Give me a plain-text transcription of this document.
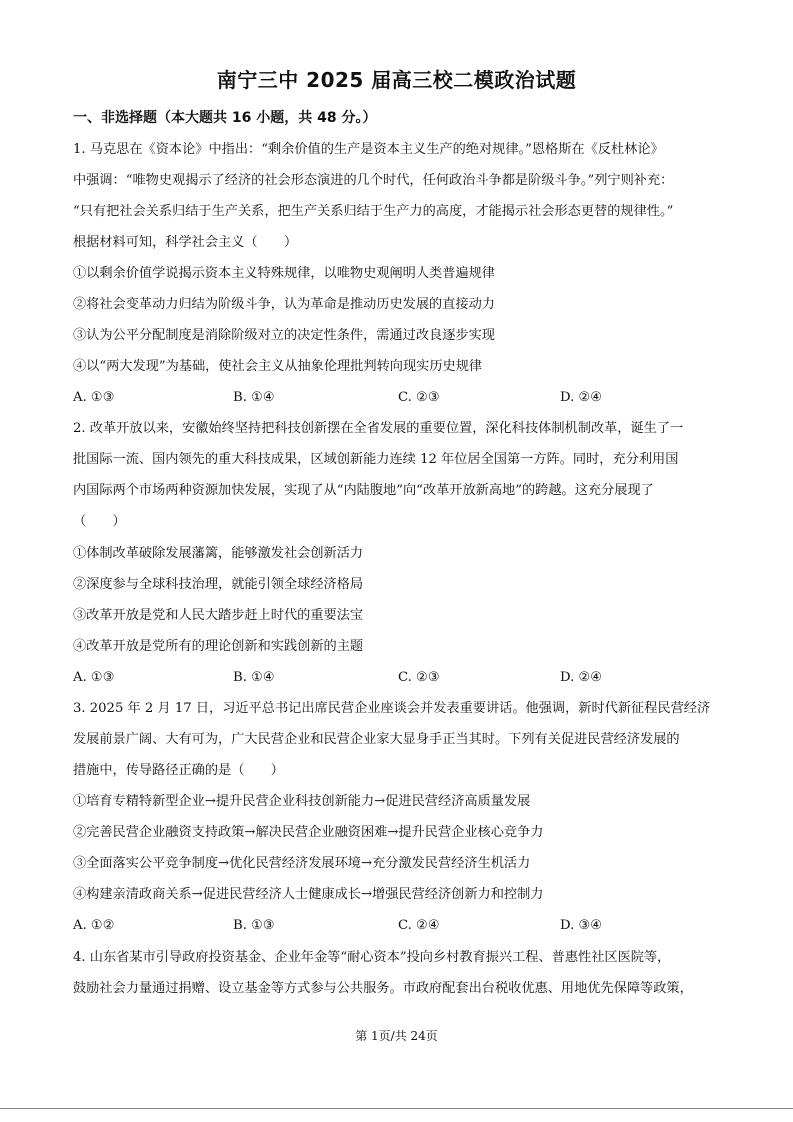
南宁三中 2025 届高三校二模政治试题
一、非选择题（本大题共 16 小题，共 48 分。）
1. 马克思在《资本论》中指出：“剩余价值的生产是资本主义生产的绝对规律。”恩格斯在《反杜林论》
中强调：“唯物史观揭示了经济的社会形态演进的几个时代，任何政治斗争都是阶级斗争。”列宁则补充：
“只有把社会关系归结于生产关系，把生产关系归结于生产力的高度，才能揭示社会形态更替的规律性。”
根据材料可知，科学社会主义（　　）
①以剩余价值学说揭示资本主义特殊规律，以唯物史观阐明人类普遍规律
②将社会变革动力归结为阶级斗争，认为革命是推动历史发展的直接动力
③认为公平分配制度是消除阶级对立的决定性条件，需通过改良逐步实现
④以“两大发现”为基础，使社会主义从抽象伦理批判转向现实历史规律
A. ①③	B. ①④	C. ②③	D. ②④
2. 改革开放以来，安徽始终坚持把科技创新摆在全省发展的重要位置，深化科技体制机制改革，诞生了一
批国际一流、国内领先的重大科技成果，区域创新能力连续 12 年位居全国第一方阵。同时，充分利用国
内国际两个市场两种资源加快发展，实现了从“内陆腹地”向“改革开放新高地”的跨越。这充分展现了
（　　）
①体制改革破除发展藩篱，能够激发社会创新活力
②深度参与全球科技治理，就能引领全球经济格局
③改革开放是党和人民大踏步赶上时代的重要法宝
④改革开放是党所有的理论创新和实践创新的主题
A. ①③	B. ①④	C. ②③	D. ②④
3. 2025 年 2 月 17 日，习近平总书记出席民营企业座谈会并发表重要讲话。他强调，新时代新征程民营经济
发展前景广阔、大有可为，广大民营企业和民营企业家大显身手正当其时。下列有关促进民营经济发展的
措施中，传导路径正确的是（　　）
①培育专精特新型企业→提升民营企业科技创新能力→促进民营经济高质量发展
②完善民营企业融资支持政策→解决民营企业融资困难→提升民营企业核心竞争力
③全面落实公平竞争制度→优化民营经济发展环境→充分激发民营经济生机活力
④构建亲清政商关系→促进民营经济人士健康成长→增强民营经济创新力和控制力
A. ①②	B. ①③	C. ②④	D. ③④
4. 山东省某市引导政府投资基金、企业年金等“耐心资本”投向乡村教育振兴工程、普惠性社区医院等，
鼓励社会力量通过捐赠、设立基金等方式参与公共服务。市政府配套出台税收优惠、用地优先保障等政策，
第 1页/共 24页
